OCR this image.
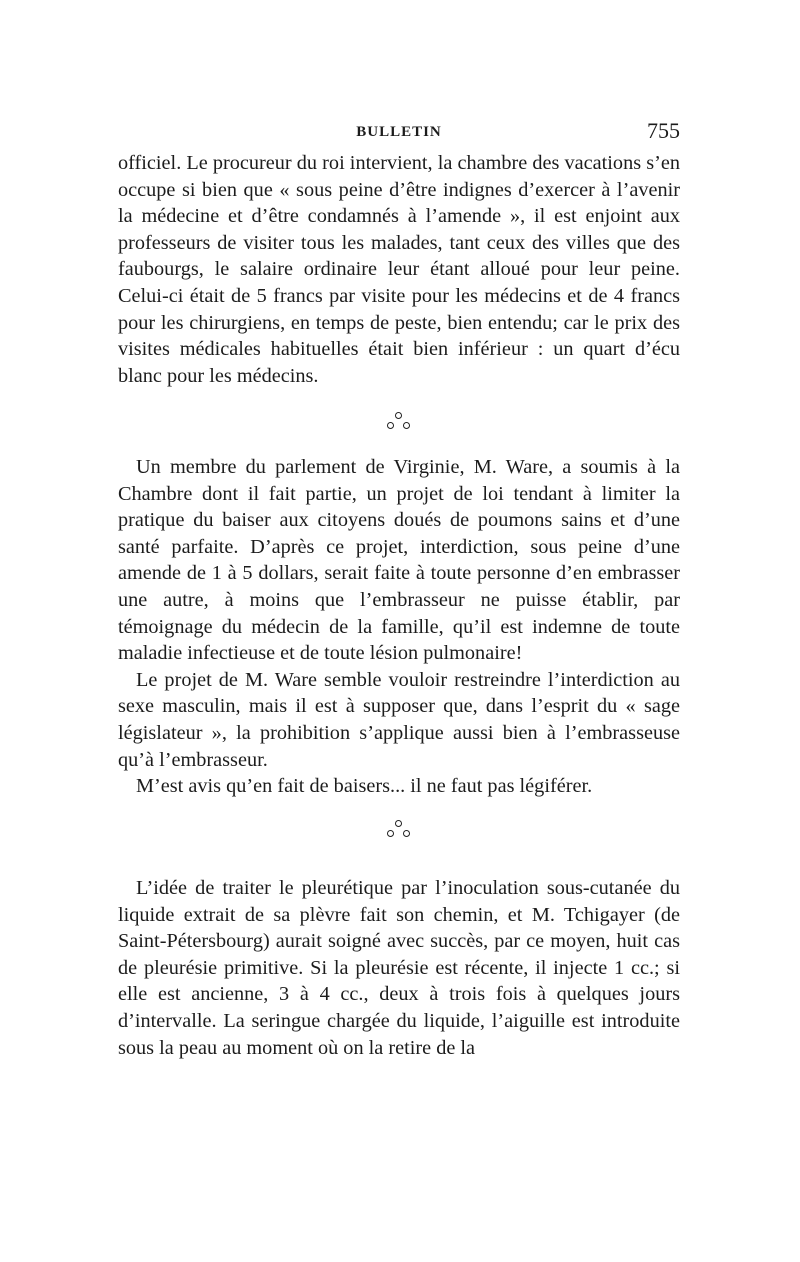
BULLETIN	755

officiel. Le procureur du roi intervient, la chambre des vacations s’en occupe si bien que « sous peine d’être indignes d’exercer à l’avenir la médecine et d’être condamnés à l’amende », il est enjoint aux professeurs de visiter tous les malades, tant ceux des villes que des faubourgs, le salaire ordinaire leur étant alloué pour leur peine. Celui-ci était de 5 francs par visite pour les médecins et de 4 francs pour les chirurgiens, en temps de peste, bien entendu; car le prix des visites médicales habituelles était bien inférieur : un quart d’écu blanc pour les médecins.

Un membre du parlement de Virginie, M. Ware, a soumis à la Chambre dont il fait partie, un projet de loi tendant à limiter la pratique du baiser aux citoyens doués de poumons sains et d’une santé parfaite. D’après ce projet, interdiction, sous peine d’une amende de 1 à 5 dollars, serait faite à toute personne d’en embrasser une autre, à moins que l’embrasseur ne puisse établir, par témoignage du médecin de la famille, qu’il est indemne de toute maladie infectieuse et de toute lésion pulmonaire!

Le projet de M. Ware semble vouloir restreindre l’interdiction au sexe masculin, mais il est à supposer que, dans l’esprit du « sage législateur », la prohibition s’applique aussi bien à l’embrasseuse qu’à l’embrasseur.

M’est avis qu’en fait de baisers... il ne faut pas légiférer.

L’idée de traiter le pleurétique par l’inoculation sous-cutanée du liquide extrait de sa plèvre fait son chemin, et M. Tchigayer (de Saint-Pétersbourg) aurait soigné avec succès, par ce moyen, huit cas de pleurésie primitive. Si la pleurésie est récente, il injecte 1 cc.; si elle est ancienne, 3 à 4 cc., deux à trois fois à quelques jours d’intervalle. La seringue chargée du liquide, l’aiguille est introduite sous la peau au moment où on la retire de la
